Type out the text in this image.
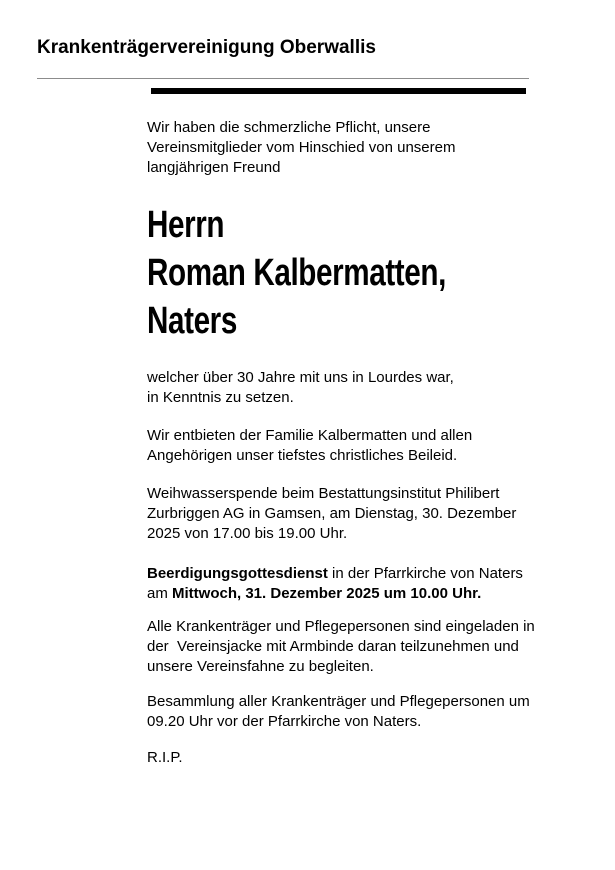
Krankenträgervereinigung Oberwallis

Wir haben die schmerzliche Pflicht, unsere
Vereinsmitglieder vom Hinschied von unserem
langjährigen Freund

Herrn
Roman Kalbermatten,
Naters

welcher über 30 Jahre mit uns in Lourdes war,
in Kenntnis zu setzen.

Wir entbieten der Familie Kalbermatten und allen
Angehörigen unser tiefstes christliches Beileid.

Weihwasserspende beim Bestattungsinstitut Philibert
Zurbriggen AG in Gamsen, am Dienstag, 30. Dezember
2025 von 17.00 bis 19.00 Uhr.

Beerdigungsgottesdienst in der Pfarrkirche von Naters
am Mittwoch, 31. Dezember 2025 um 10.00 Uhr.

Alle Krankenträger und Pflegepersonen sind eingeladen in
der  Vereinsjacke mit Armbinde daran teilzunehmen und
unsere Vereinsfahne zu begleiten.

Besammlung aller Krankenträger und Pflegepersonen um
09.20 Uhr vor der Pfarrkirche von Naters.

R.I.P.
